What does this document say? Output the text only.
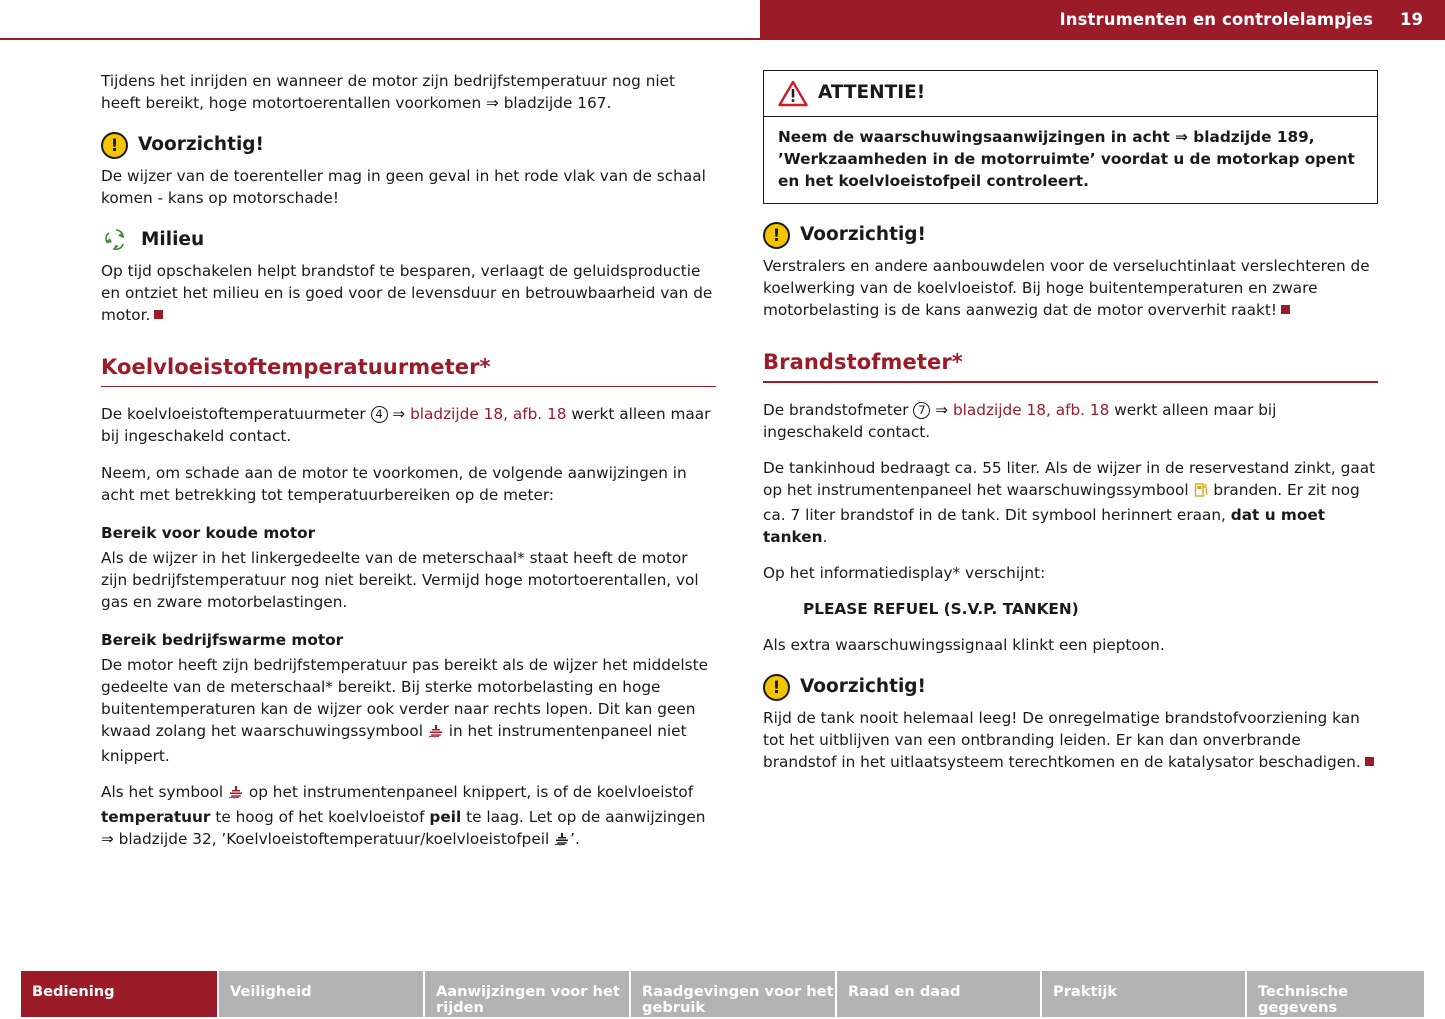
Instrumenten en controlelampjes 19

Tijdens het inrijden en wanneer de motor zijn bedrijfstemperatuur nog niet heeft bereikt, hoge motortoerentallen voorkomen ⇒ bladzijde 167.

!
Voorzichtig!

De wijzer van de toerenteller mag in geen geval in het rode vlak van de schaal komen - kans op motorschade!

Milieu

Op tijd opschakelen helpt brandstof te besparen, verlaagt de geluidsproductie en ontziet het milieu en is goed voor de levensduur en betrouwbaarheid van de motor.

Koelvloeistoftemperatuurmeter*

De koelvloeistoftemperatuurmeter 4 ⇒ bladzijde 18, afb. 18 werkt alleen maar bij ingeschakeld contact.

Neem, om schade aan de motor te voorkomen, de volgende aanwijzingen in acht met betrekking tot temperatuurbereiken op de meter:

Bereik voor koude motor

Als de wijzer in het linkergedeelte van de meterschaal* staat heeft de motor zijn bedrijfstemperatuur nog niet bereikt. Vermijd hoge motortoerentallen, vol gas en zware motorbelastingen.

Bereik bedrijfswarme motor

De motor heeft zijn bedrijfstemperatuur pas bereikt als de wijzer het middelste gedeelte van de meterschaal* bereikt. Bij sterke motorbelasting en hoge buitentemperaturen kan de wijzer ook verder naar rechts lopen. Dit kan geen kwaad zolang het waarschuwingssymbool  in het instrumentenpaneel niet knippert.

Als het symbool  op het instrumentenpaneel knippert, is of de koelvloeistof temperatuur te hoog of het koelvloeistof peil te laag. Let op de aanwijzingen ⇒ bladzijde 32, ’Koelvloeistoftemperatuur/koelvloeistofpeil ’.

ATTENTIE!
Neem de waarschuwingsaanwijzingen in acht ⇒ bladzijde 189, ’Werkzaamheden in de motorruimte’ voordat u de motorkap opent en het koelvloeistofpeil controleert.
!
Voorzichtig!

Verstralers en andere aanbouwdelen voor de verseluchtinlaat verslechteren de koelwerking van de koelvloeistof. Bij hoge buitentemperaturen en zware motorbelasting is de kans aanwezig dat de motor oververhit raakt!

Brandstofmeter*

De brandstofmeter 7 ⇒ bladzijde 18, afb. 18 werkt alleen maar bij ingeschakeld contact.

De tankinhoud bedraagt ca. 55 liter. Als de wijzer in de reservestand zinkt, gaat op het instrumentenpaneel het waarschuwingssymbool  branden. Er zit nog ca. 7 liter brandstof in de tank. Dit symbool herinnert eraan, dat u moet tanken.

Op het informatiedisplay* verschijnt:

PLEASE REFUEL (S.V.P. TANKEN)

Als extra waarschuwingssignaal klinkt een pieptoon.

!
Voorzichtig!

Rijd de tank nooit helemaal leeg! De onregelmatige brandstofvoorziening kan tot het uitblijven van een ontbranding leiden. Er kan dan onverbrande brandstof in het uitlaatsysteem terechtkomen en de katalysator beschadigen.

Bediening	Veiligheid	Aanwijzingen voor het rijden
Raadgevingen voor het gebruik
Raad en daad	Praktijk	Technische gegevens
